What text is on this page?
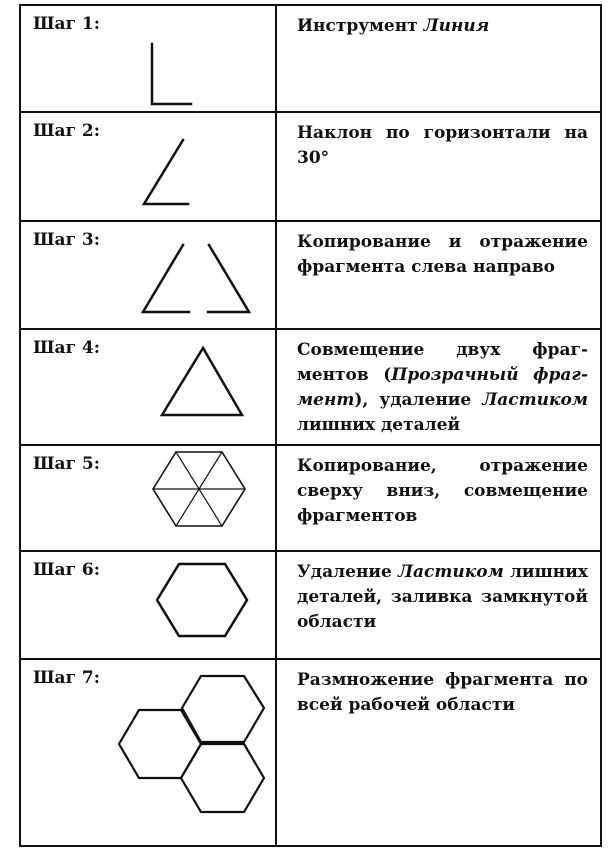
Шаг 1:	Инструмент Линия

Шаг 2:	Наклон по горизонтали на 30°

Шаг 3:	Копирование и отражение фрагмента слева направо

Шаг 4:	Совмещение двух фрагментов (Прозрачный фрагмент), удаление Ластиком лишних деталей

Шаг 5:	Копирование, отражение сверху вниз, совмещение фрагментов

Шаг 6:	Удаление Ластиком лишних деталей, заливка замкнутой области

Шаг 7:	Размножение фрагмента по всей рабочей области
